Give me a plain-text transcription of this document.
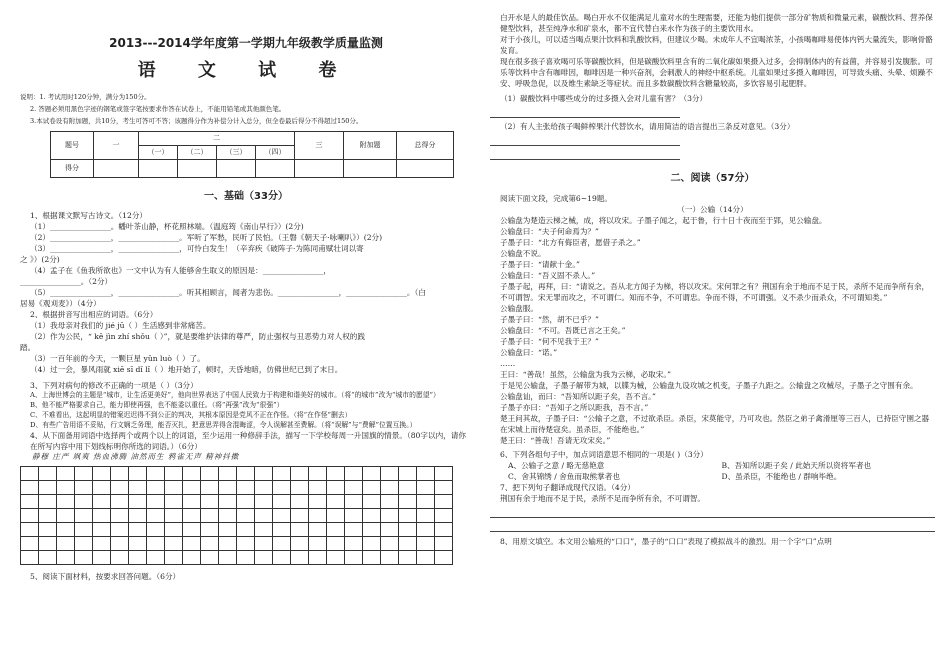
2013---2014学年度第一学期九年级教学质量监测
语 文 试 卷
说明：1. 考试用时120分钟，满分为150分。
2. 答题必须用黑色字迹的钢笔或签字笔按要求作答在试卷上，不能用铅笔或其他颜色笔。
3.本试卷设有附加题，共10分，考生可答可不答；该题得分作为补偿分计入总分，但全卷最后得分不得超过150分。
题号	一	二				三	附加题	总得分
		（一）	（二）	（三）	（四）			
得分								
一、基础（33分）

1、根据课文默写古诗文。（12分）

（1）________________。幡叶茶山静，杯花照林端。（温庭筠《南山早行》）(2分)

（2）________________，________________。军听了军愁，民听了民怕。（王磐《朝天子·咏喇叭》）(2分)

（3）________________，________________，可怜白发生！（辛弃疾《破阵子·为陈同甫赋壮词以寄

之 》）(2分)

（4）孟子在《鱼我所欲也》一文中认为有人能够舍生取义的原因是：________________，

________________。（2分）

（5）________________，________________。听其相顾言，闻者为悲伤。________________，________________。（白

居易《观刈麦》）（4分）

2、根据拼音写出相应的词语。（6分）

（1）我母亲对我们的 jié jū（ ）生活感到非常痛苦。

（2）作为公民，“ kě jìn zhí shǒu（ ）”，就是要维护法律的尊严，防止强权与丑恶势力对人权的践

踏。

（3）一百年前的今天，一颗巨星 yǔn luò（ ）了。

（4）过一会，暴风雨就 xiē sī dǐ lǐ（ ）地开始了，顿时，天昏地暗，仿佛世纪已到了末日。

3、下列对病句的修改不正确的一项是（ ）（3分）

A、上海世博会的主题是“城市，让生活更美好”，他向世界表达了中国人民致力于构建和谐美好的城市。（将“的城市”改为“城市的愿望”）

B、他不能严格要求自己，能力即使再强，也不能委以重任。（将“再强”改为“很强”）

C、不难看出，这起明显的错案迟迟得不到公正的判决，其根本原因是党风不正在作怪。（将“在作怪”删去）

D、有些广告用语不妥贴，行文娴乏务理，能否灭扎，把意思弄得含混晦涩，令人误解甚至费解。（将“误解”与“费解”位置互换。）

4、从下面备用词语中选择两个或两个以上的词语，至少运用一种修辞手法，描写一下学校每周一升国旗的情景。（80字以内，请你在所写内容中用下划线标明你所选的词语。）（6分）

静穆 庄严 飒爽 热血沸腾 油然而生 鸦雀无声 精神抖擞

5、阅读下面材料，按要求回答问题。（6分）

白开水是人的最佳饮品。喝白开水不仅能满足儿童对水的生理需要，还能为他们提供一部分矿物质和微量元素，碳酸饮料、营养保健型饮料，甚至纯净水和矿泉水，都不宜代替白来水作为孩子的主要饮用水。

对于小孩儿，可以适当喝点果汁饮料和乳酸饮料，但建议少喝。未成年人不宜喝浓茶，小孩喝咖啡易使体内钙大量流失，影响骨骼发育。

现在很多孩子喜欢喝可乐等碳酸饮料，但是碳酸饮料里含有的二氧化碳如果摄入过多，会抑制体内的有益菌，并容易引发腹胀。可乐等饮料中含有咖啡因，咖啡因是一种兴奋剂，会刺激人的神经中枢系统。儿童如果过多摄入咖啡因，可导致头痛、头晕、烦躁不安、呼吸急促，以及维生素缺乏等症状。而且多数碳酸饮料含糖量较高，多饮容易引起肥胖。

（1）碳酸饮料中哪些成分的过多摄入会对儿童有害？（3分）

（2）有人主张给孩子喝鲜榨果汁代替饮水，请用简洁的语言提出三条反对意见。（3分）

二、阅读（57分）

阅读下面文段，完成第6~19题。

（一）公输（14分）

公输盘为楚造云梯之械，成，将以攻宋。子墨子闻之，起于鲁，行十日十夜而至于郢，见公输盘。

公输盘曰：“夫子何命焉为？”

子墨子曰：“北方有侮臣者，愿借子杀之。”

公输盘不说。

子墨子曰：“请献十金。”

公输盘曰：“吾义固不杀人。”

子墨子起，再拜，曰：“请说之。吾从北方闻子为梯，将以攻宋。宋何罪之有？荆国有余于地而不足于民，杀所不足而争所有余，不可谓智。宋无罪而攻之，不可谓仁。知而不争，不可谓忠。争而不得，不可谓强。义不杀少而杀众，不可谓知类。”

公输盘服。

子墨子曰：“然，胡不已乎？”

公输盘曰：“不可。吾既已言之王矣。”

子墨子曰：“何不见我于王？”

公输盘曰：“诺。”

……

王曰：“善哉！虽然，公输盘为我为云梯，必取宋。”

于是见公输盘，子墨子解带为城，以牒为械，公输盘九设攻城之机变，子墨子九距之。公输盘之攻械尽，子墨子之守围有余。

公输盘讪，而曰：“吾知所以距子矣，吾不言。”

子墨子亦曰：“吾知子之所以距我，吾不言。”

楚王问其故，子墨子曰：“公输子之意，不过欲杀臣。杀臣，宋莫能守，乃可攻也。然臣之弟子禽滑厘等三百人，已持臣守圉之器在宋城上而待楚寇矣。虽杀臣，不能绝也。”

楚王曰：“善哉！吾请无攻宋矣。”

6、下列各组句子中，加点词语意思不相同的一项是( )（3分）

A、公输子之意 / 略无慈艳意	B、吾知所以距子矣 / 此始天所以资将军者也
C、舍其锦绣 / 舍鱼而取熊掌者也	D、虽杀臣，不能绝也 / 群响毕绝。

7、把下列句子翻译成现代汉语。（4分）

荆国有余于地而不足于民，杀所不足而争所有余，不可谓智。

8、用原文填空。本文用公输班的“口口”，墨子的“口口”表现了模拟战斗的激烈。用一个字“口”点明
